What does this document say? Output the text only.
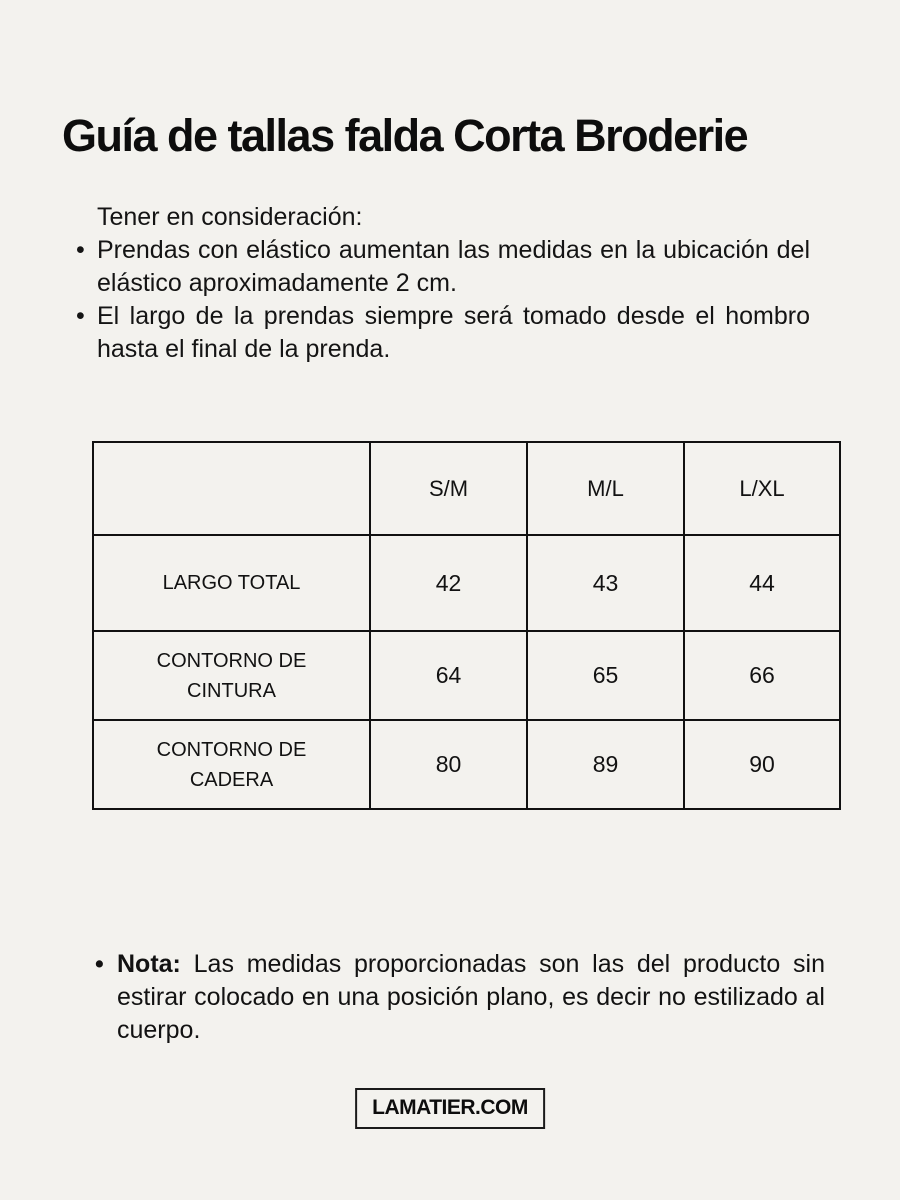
Guía de tallas falda Corta Broderie
Tener en consideración:
• Prendas con elástico aumentan las medidas en la ubicación del elástico aproximadamente 2 cm.
• El largo de la prendas siempre será tomado desde el hombro hasta el final de la prenda.
	S/M	M/L	L/XL
LARGO TOTAL	42	43	44
CONTORNO DE CINTURA	64	65	66
CONTORNO DE CADERA	80	89	90
• Nota: Las medidas proporcionadas son las del producto sin estirar colocado en una posición plano, es decir no estilizado al cuerpo.
LAMATIER.COM
